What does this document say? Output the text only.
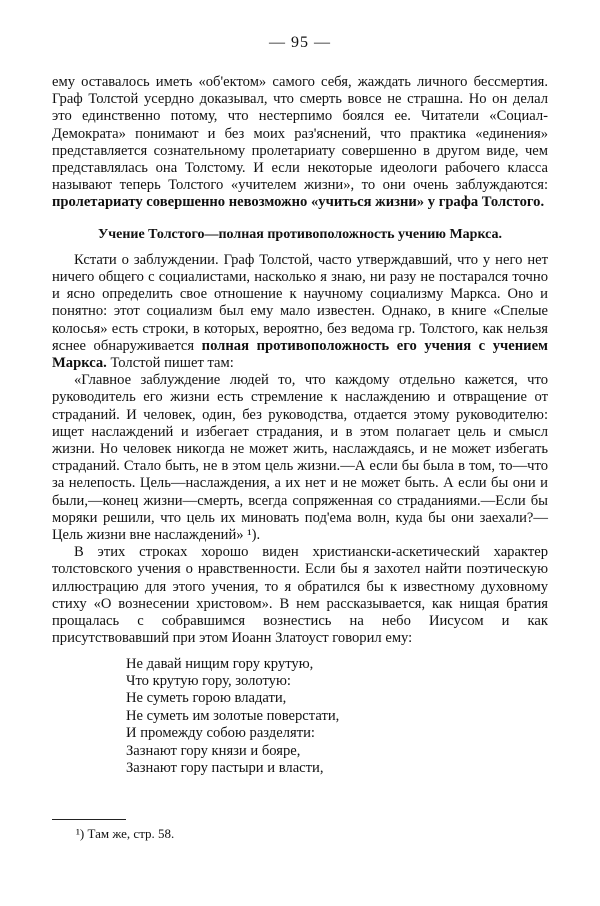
— 95 —

ему оставалось иметь «об'ектом» самого себя, жаждать личного бессмертия. Граф Толстой усердно доказывал, что смерть вовсе не страшна. Но он делал это единственно потому, что нестерпимо боялся ее. Читатели «Социал-Демократа» понимают и без моих раз'яснений, что практика «единения» представляется сознательному пролетариату совершенно в другом виде, чем представлялась она Толстому. И если некоторые идеологи рабочего класса называют теперь Толстого «учителем жизни», то они очень заблуждаются: пролетариату совершенно невозможно «учиться жизни» у графа Толстого.

Учение Толстого—полная противоположность учению Маркса.

Кстати о заблуждении. Граф Толстой, часто утверждавший, что у него нет ничего общего с социалистами, насколько я знаю, ни разу не постарался точно и ясно определить свое отношение к научному социализму Маркса. Оно и понятно: этот социализм был ему мало известен. Однако, в книге «Спелые колосья» есть строки, в которых, вероятно, без ведома гр. Толстого, как нельзя яснее обнаруживается полная противоположность его учения с учением Маркса. Толстой пишет там:

«Главное заблуждение людей то, что каждому отдельно кажется, что руководитель его жизни есть стремление к наслаждению и отвращение от страданий. И человек, один, без руководства, отдается этому руководителю: ищет наслаждений и избегает страдания, и в этом полагает цель и смысл жизни. Но человек никогда не может жить, наслаждаясь, и не может избегать страданий. Стало быть, не в этом цель жизни.—А если бы была в том, то—что за нелепость. Цель—наслаждения, а их нет и не может быть. А если бы они и были,—конец жизни—смерть, всегда сопряженная со страданиями.—Если бы моряки решили, что цель их миновать под'ема волн, куда бы они заехали?—Цель жизни вне наслаждений» ¹).

В этих строках хорошо виден христиански-аскетический характер толстовского учения о нравственности. Если бы я захотел найти поэтическую иллюстрацию для этого учения, то я обратился бы к известному духовному стиху «О вознесении христовом». В нем рассказывается, как нищая братия прощалась с собравшимся вознестись на небо Иисусом и как присутствовавший при этом Иоанн Златоуст говорил ему:

Не давай нищим гору крутую,
Что крутую гору, золотую:
Не суметь горою владати,
Не суметь им золотые поверстати,
И промежду собою разделяти:
Зазнают гору князи и бояре,
Зазнают гору пастыри и власти,
¹) Там же, стр. 58.
